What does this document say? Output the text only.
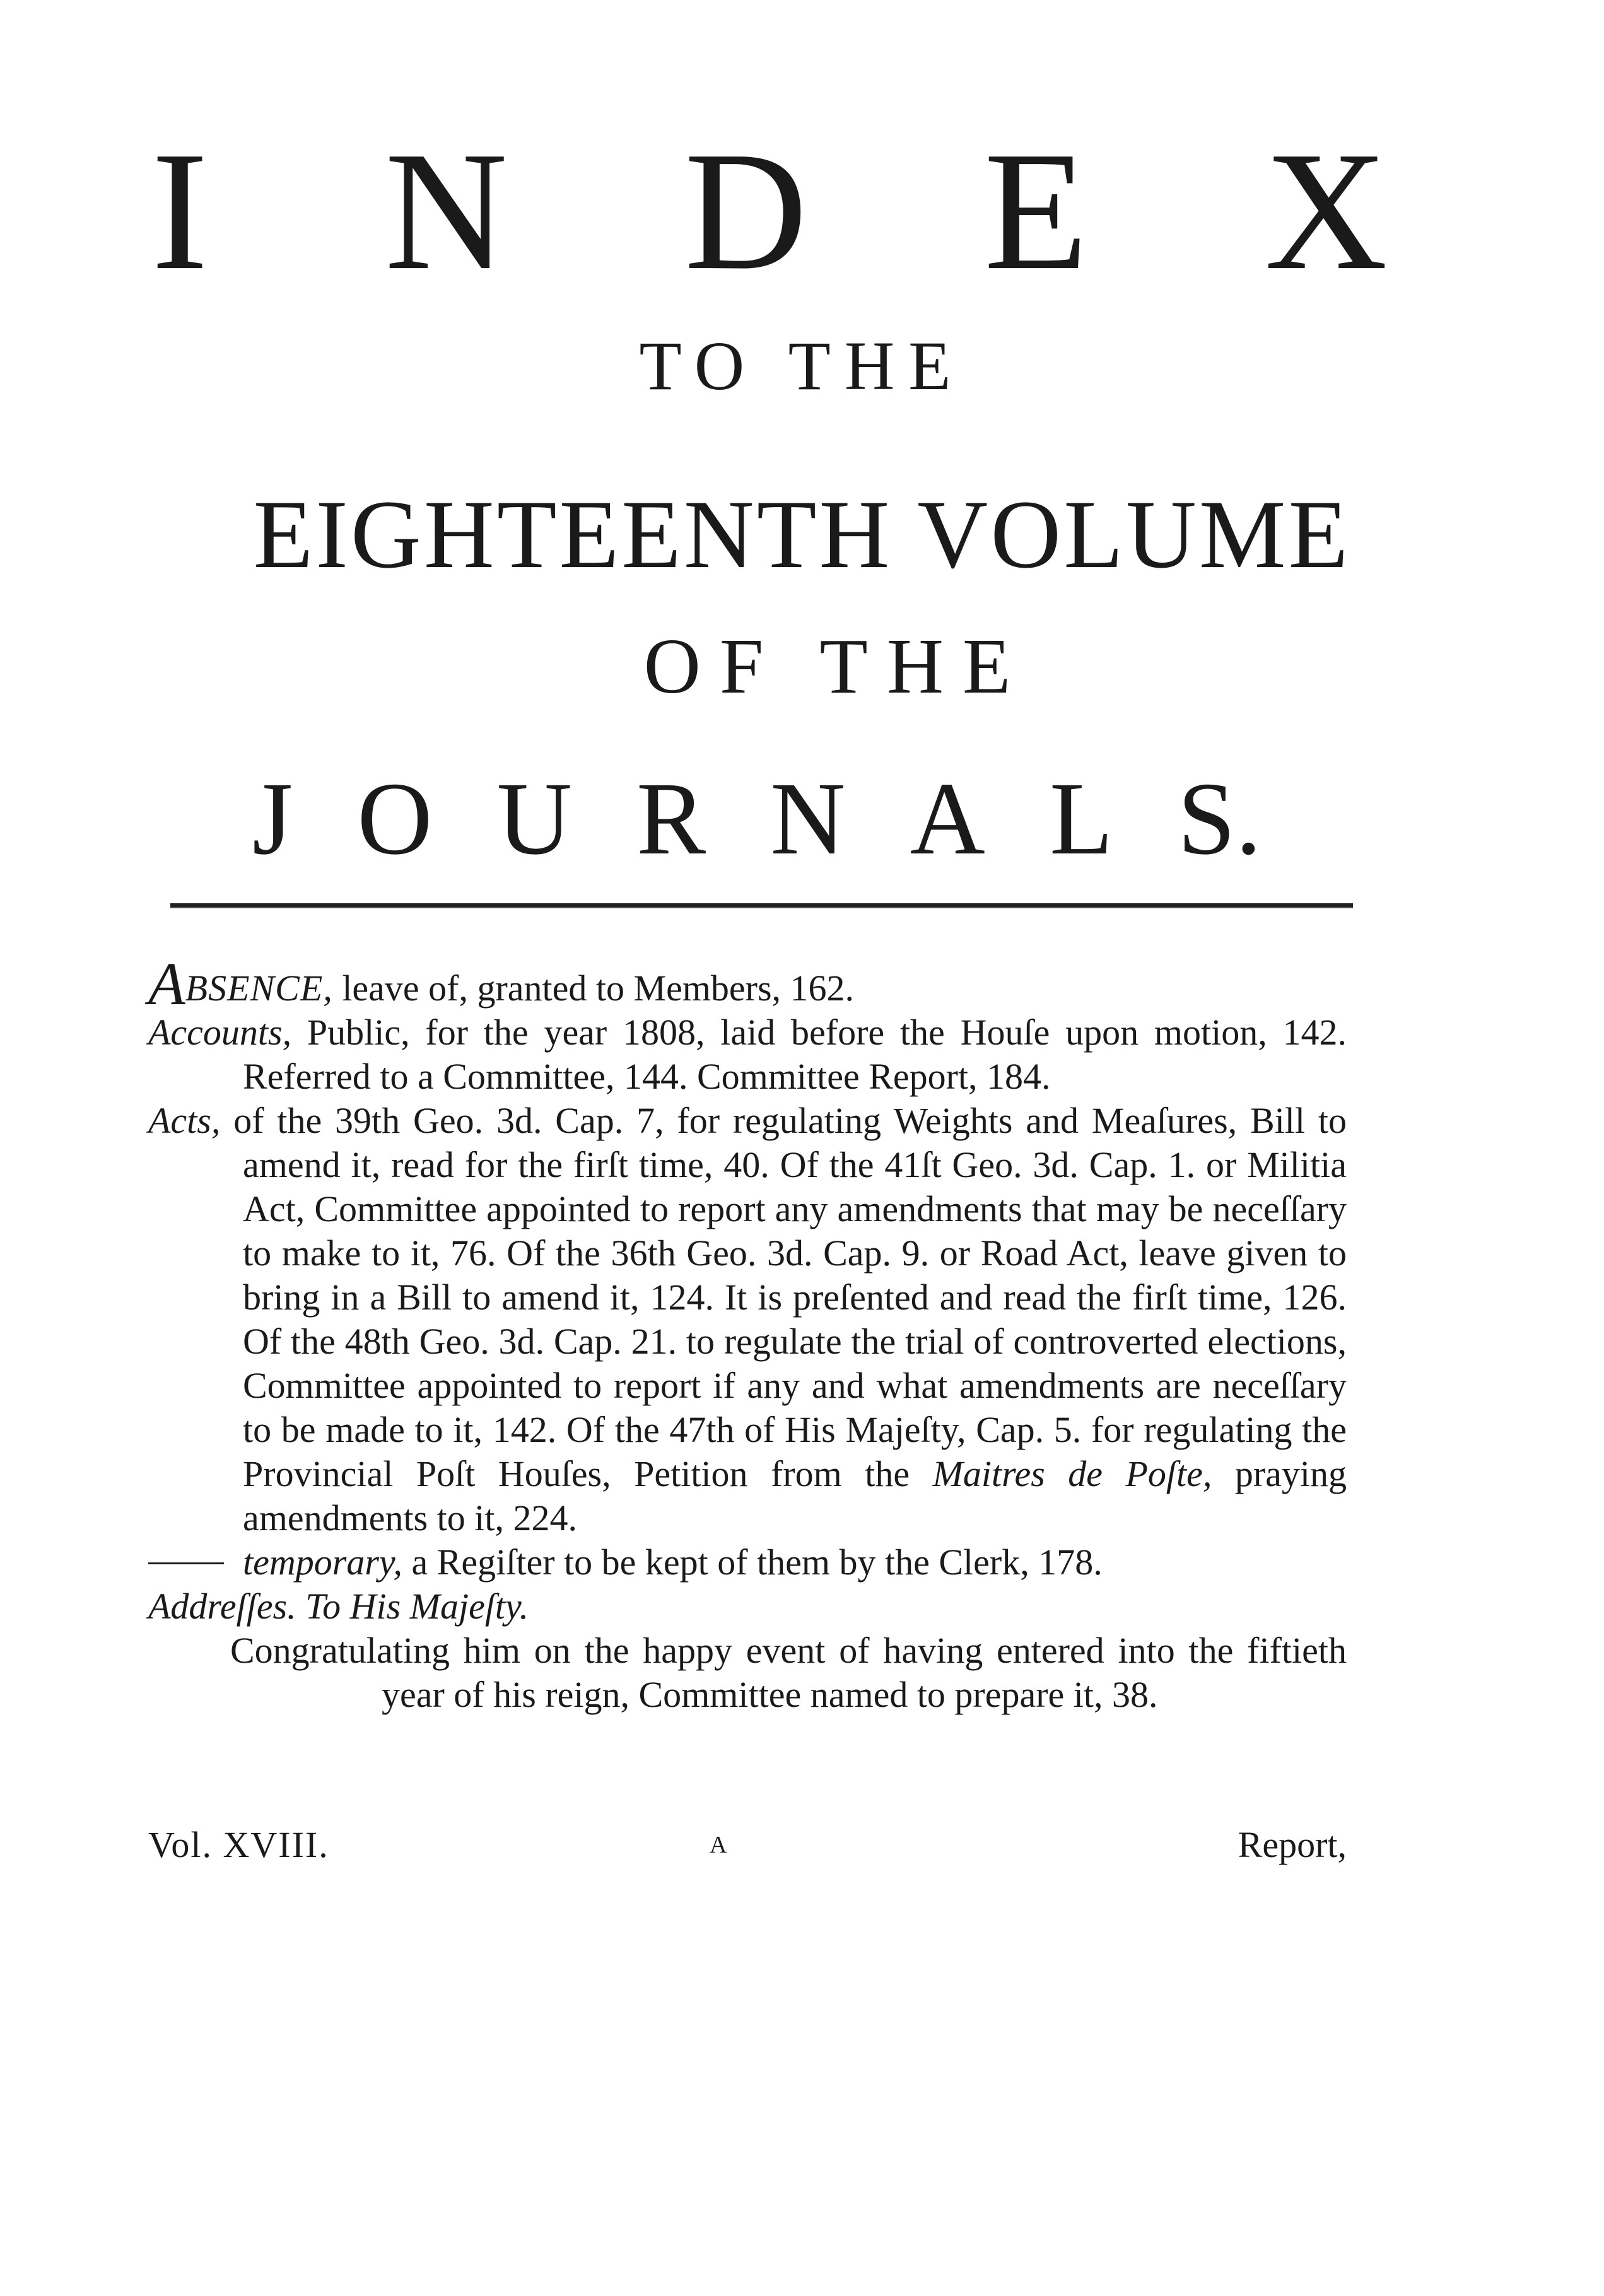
I N D E X
TO THE
EIGHTEENTH VOLUME
OF THE
J O U R N A L S.

ABSENCE, leave of, granted to Members, 162.

Accounts, Public, for the year 1808, laid before the Houſe upon motion, 142. Referred to a Committee, 144. Committee Report, 184.

Acts, of the 39th Geo. 3d. Cap. 7, for regulating Weights and Meaſures, Bill to amend it, read for the firſt time, 40. Of the 41ſt Geo. 3d. Cap. 1. or Militia Act, Committee appointed to report any amendments that may be neceſſary to make to it, 76. Of the 36th Geo. 3d. Cap. 9. or Road Act, leave given to bring in a Bill to amend it, 124. It is preſented and read the firſt time, 126. Of the 48th Geo. 3d. Cap. 21. to regulate the trial of controverted elections, Committee appointed to report if any and what amendments are neceſſary to be made to it, 142. Of the 47th of His Majeſty, Cap. 5. for regulating the Provincial Poſt Houſes, Petition from the Maitres de Poſte, praying amendments to it, 224.

temporary, a Regiſter to be kept of them by the Clerk, 178.

Addreſſes. To His Majeſty.

Congratulating him on the happy event of having entered into the fiftieth year of his reign, Committee named to prepare it, 38.

Vol. XVIII.	A	Report,
